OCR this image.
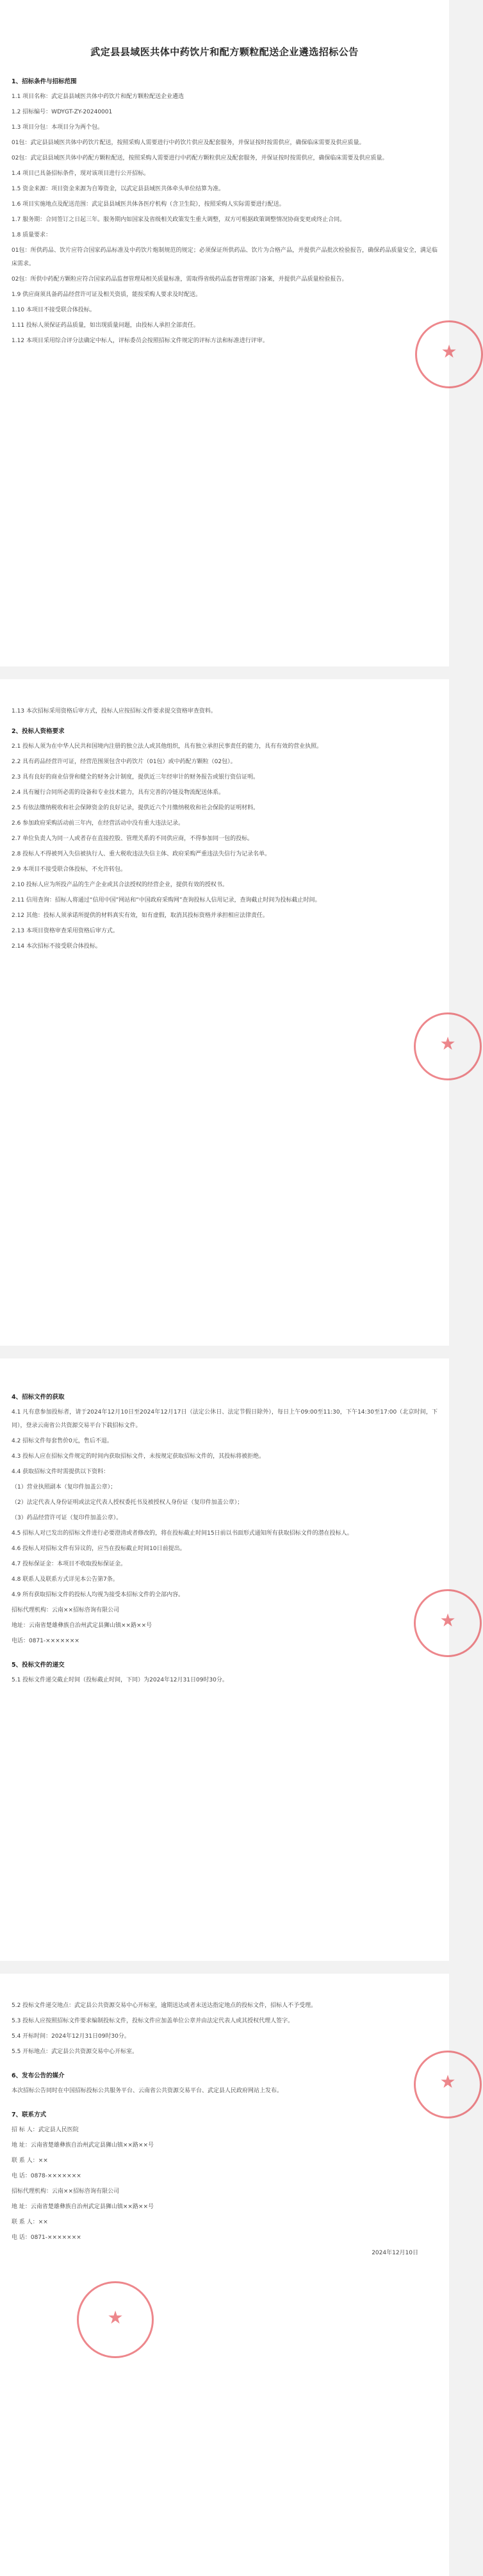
武定县县域医共体中药饮片和配方颗粒配送企业遴选招标公告
1、招标条件与招标范围

1.1 项目名称：武定县县域医共体中药饮片和配方颗粒配送企业遴选

1.2 招标编号：WDYGT-ZY-20240001

1.3 项目分包：本项目分为两个包。

01包：武定县县域医共体中药饮片配送，按照采购人需要进行中药饮片供应及配套服务，并保证按时按需供应，确保临床需要及供应质量。

02包：武定县县域医共体中药配方颗粒配送，按照采购人需要进行中药配方颗粒供应及配套服务，并保证按时按需供应，确保临床需要及供应质量。

1.4 项目已具备招标条件，现对该项目进行公开招标。

1.5 资金来源：项目资金来源为自筹资金，以武定县县域医共体牵头单位结算为准。

1.6 项目实施地点及配送范围：武定县县域医共体各医疗机构（含卫生院），按照采购人实际需要进行配送。

1.7 服务期：合同签订之日起三年。服务期内如国家及省级相关政策发生重大调整，双方可根据政策调整情况协商变更或终止合同。

1.8 质量要求：

01包：所供药品、饮片应符合国家药品标准及中药饮片炮制规范的规定；必须保证所供药品、饮片为合格产品，并提供产品批次检验报告，确保药品质量安全，满足临床需求。

02包：所供中药配方颗粒应符合国家药品监督管理局相关质量标准，需取得省级药品监督管理部门备案，并提供产品质量检验报告。

1.9 供应商须具备药品经营许可证及相关资质，能按采购人要求及时配送。

1.10 本项目不接受联合体投标。

1.11 投标人须保证药品质量，如出现质量问题，由投标人承担全部责任。

1.12 本项目采用综合评分法确定中标人，评标委员会按照招标文件规定的评标方法和标准进行评审。	★

1.13 本次招标采用资格后审方式，投标人应按招标文件要求提交资格审查资料。

2、投标人资格要求

2.1 投标人须为在中华人民共和国境内注册的独立法人或其他组织，具有独立承担民事责任的能力，具有有效的营业执照。

2.2 具有药品经营许可证，经营范围须包含中药饮片（01包）或中药配方颗粒（02包）。

2.3 具有良好的商业信誉和健全的财务会计制度，提供近三年经审计的财务报告或银行资信证明。

2.4 具有履行合同所必需的设备和专业技术能力，具有完善的冷链及物流配送体系。

2.5 有依法缴纳税收和社会保障资金的良好记录，提供近六个月缴纳税收和社会保险的证明材料。

2.6 参加政府采购活动前三年内，在经营活动中没有重大违法记录。

2.7 单位负责人为同一人或者存在直接控股、管理关系的不同供应商，不得参加同一包的投标。

2.8 投标人不得被列入失信被执行人、重大税收违法失信主体、政府采购严重违法失信行为记录名单。

2.9 本项目不接受联合体投标，不允许转包。

2.10 投标人应为所投产品的生产企业或其合法授权的经营企业，提供有效的授权书。

2.11 信用查询：招标人将通过“信用中国”网站和“中国政府采购网”查询投标人信用记录，查询截止时间为投标截止时间。

2.12 其他：投标人须承诺所提供的材料真实有效，如有虚假，取消其投标资格并承担相应法律责任。

2.13 本项目资格审查采用资格后审方式。

2.14 本次招标不接受联合体投标。

★
4、招标文件的获取

4.1 凡有意参加投标者，请于2024年12月10日至2024年12月17日（法定公休日、法定节假日除外），每日上午09:00至11:30，下午14:30至17:00（北京时间，下同），登录云南省公共资源交易平台下载招标文件。

4.2 招标文件每套售价0元，售后不退。

4.3 投标人应在招标文件规定的时间内获取招标文件，未按规定获取招标文件的，其投标将被拒绝。

4.4 获取招标文件时需提供以下资料：

（1）营业执照副本（复印件加盖公章）；

（2）法定代表人身份证明或法定代表人授权委托书及被授权人身份证（复印件加盖公章）；

（3）药品经营许可证（复印件加盖公章）。

4.5 招标人对已发出的招标文件进行必要澄清或者修改的，将在投标截止时间15日前以书面形式通知所有获取招标文件的潜在投标人。

4.6 投标人对招标文件有异议的，应当在投标截止时间10日前提出。

4.7 投标保证金：本项目不收取投标保证金。

4.8 联系人及联系方式详见本公告第7条。

4.9 所有获取招标文件的投标人均视为接受本招标文件的全部内容。

招标代理机构：云南××招标咨询有限公司

地址：云南省楚雄彝族自治州武定县狮山镇××路××号

电话：0871-×××××××

5、投标文件的递交

5.1 投标文件递交截止时间（投标截止时间，下同）为2024年12月31日09时30分。

★

5.2 投标文件递交地点：武定县公共资源交易中心开标室，逾期送达或者未送达指定地点的投标文件，招标人不予受理。

5.3 投标人应按照招标文件要求编制投标文件，投标文件应加盖单位公章并由法定代表人或其授权代理人签字。

5.4 开标时间：2024年12月31日09时30分。

5.5 开标地点：武定县公共资源交易中心开标室。

6、发布公告的媒介

本次招标公告同时在中国招标投标公共服务平台、云南省公共资源交易平台、武定县人民政府网站上发布。

7、联系方式

招 标 人：武定县人民医院

地 址：云南省楚雄彝族自治州武定县狮山镇××路××号

联 系 人：××

电 话：0878-×××××××

招标代理机构：云南××招标咨询有限公司

地 址：云南省楚雄彝族自治州武定县狮山镇××路××号

联 系 人：××

电 话：0871-×××××××

2024年12月10日

★
★
